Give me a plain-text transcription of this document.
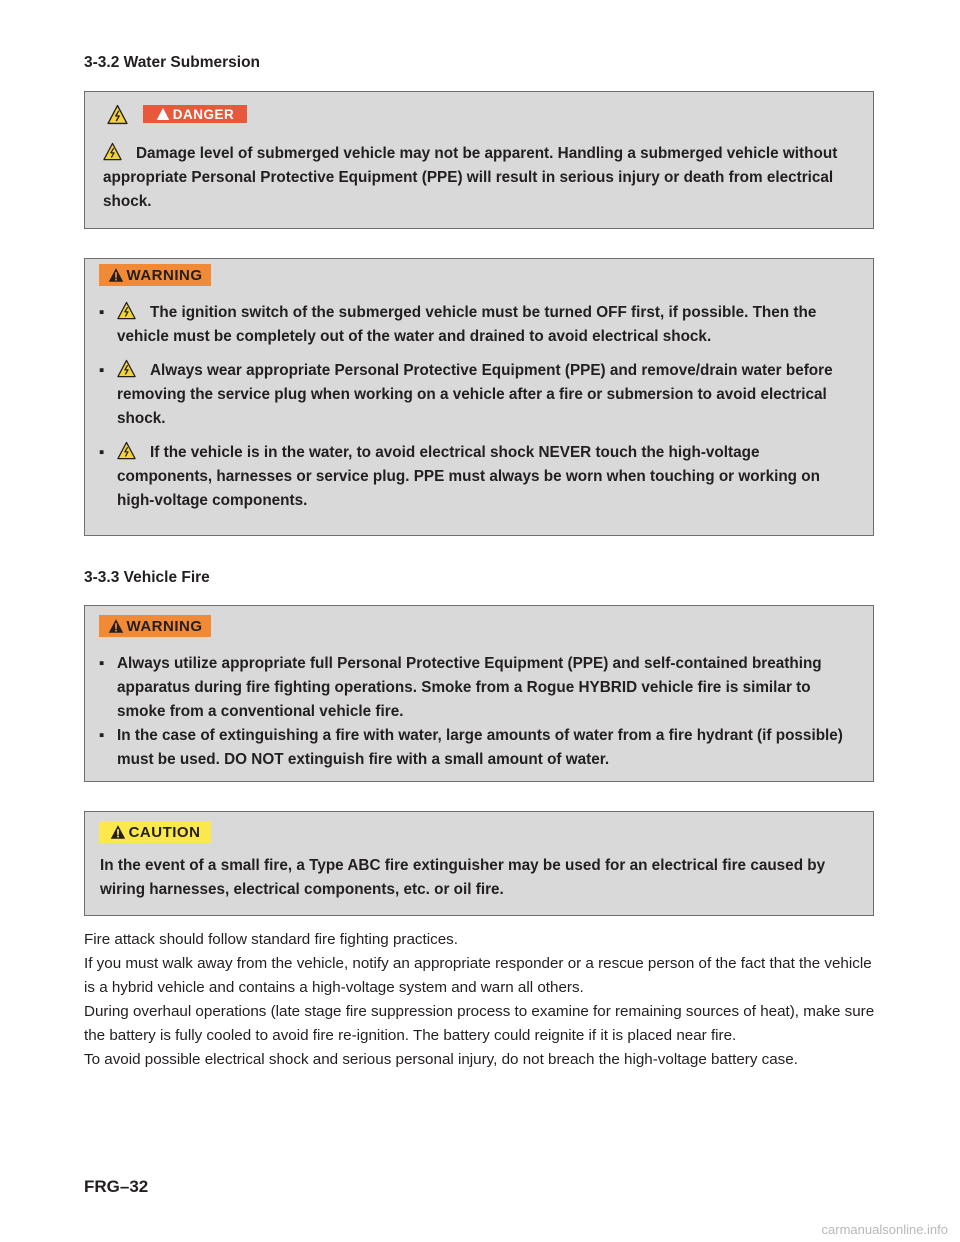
3-3.2 Water Submersion
DANGER

Damage level of submerged vehicle may not be apparent. Handling a submerged vehicle without appropriate Personal Protective Equipment (PPE) will result in serious injury or death from electrical shock.

WARNING
▪	The ignition switch of the submerged vehicle must be turned OFF first, if possible. Then the vehicle must be completely out of the water and drained to avoid electrical shock.
▪	Always wear appropriate Personal Protective Equipment (PPE) and remove/drain water before removing the service plug when working on a vehicle after a fire or submersion to avoid electrical shock.
▪	If the vehicle is in the water, to avoid electrical shock NEVER touch the high-voltage components, harnesses or service plug. PPE must always be worn when touching or working on high-voltage components.
3-3.3 Vehicle Fire
WARNING
▪ Always utilize appropriate full Personal Protective Equipment (PPE) and self-contained breathing apparatus during fire fighting operations. Smoke from a Rogue HYBRID vehicle fire is similar to smoke from a conventional vehicle fire.
▪ In the case of extinguishing a fire with water, large amounts of water from a fire hydrant (if possible) must be used. DO NOT extinguish fire with a small amount of water.
CAUTION

In the event of a small fire, a Type ABC fire extinguisher may be used for an electrical fire caused by wiring harnesses, electrical components, etc. or oil fire.

Fire attack should follow standard fire fighting practices.

If you must walk away from the vehicle, notify an appropriate responder or a rescue person of the fact that the vehicle is a hybrid vehicle and contains a high-voltage system and warn all others.

During overhaul operations (late stage fire suppression process to examine for remaining sources of heat), make sure the battery is fully cooled to avoid fire re-ignition. The battery could reignite if it is placed near fire.

To avoid possible electrical shock and serious personal injury, do not breach the high-voltage battery case.

FRG–32

carmanualsonline.info
